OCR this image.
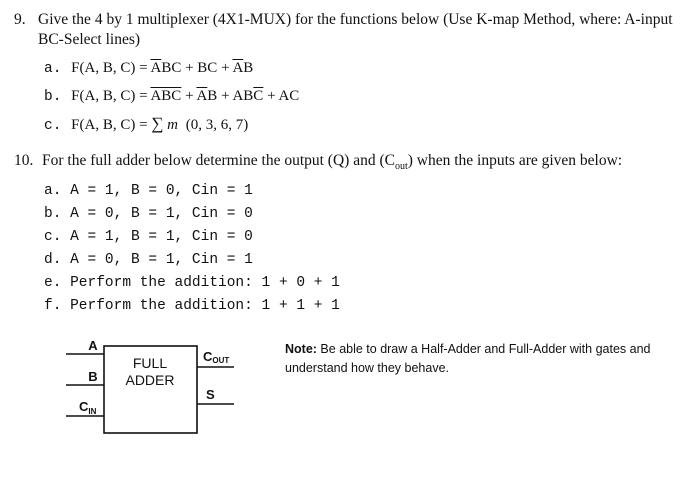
9. Give the 4 by 1 multiplexer (4X1-MUX) for the functions below (Use K-map Method, where: A-input BC-Select lines)
a. F(A, B, $C) = \overline{A}BC$ + BC + $\overline{A}B$
b. F(A, B, $C) = \overline{ABC} + \overline{A}B + AB\overline{C}$ + AC
c. F(A, B, C) = ∑ m (0, 3, 6, 7)
10. For the full adder below determine the output (Q) and $(C_{out})$ when the inputs are given below:
a. A = 1, B = 0, Cin = 1
b. A = 0, B = 1, Cin = 0
c. A = 1, B = 1, Cin = 0
d. A = 0, B = 1, Cin = 1
e. Perform the addition: 1 + 0 + 1
f. Perform the addition: 1 + 1 + 1
FULL
ADDER
A
B
$C_{IN}$
COUT
S
Note: Be able to draw a Half-Adder and Full-Adder with gates and understand how they behave.
